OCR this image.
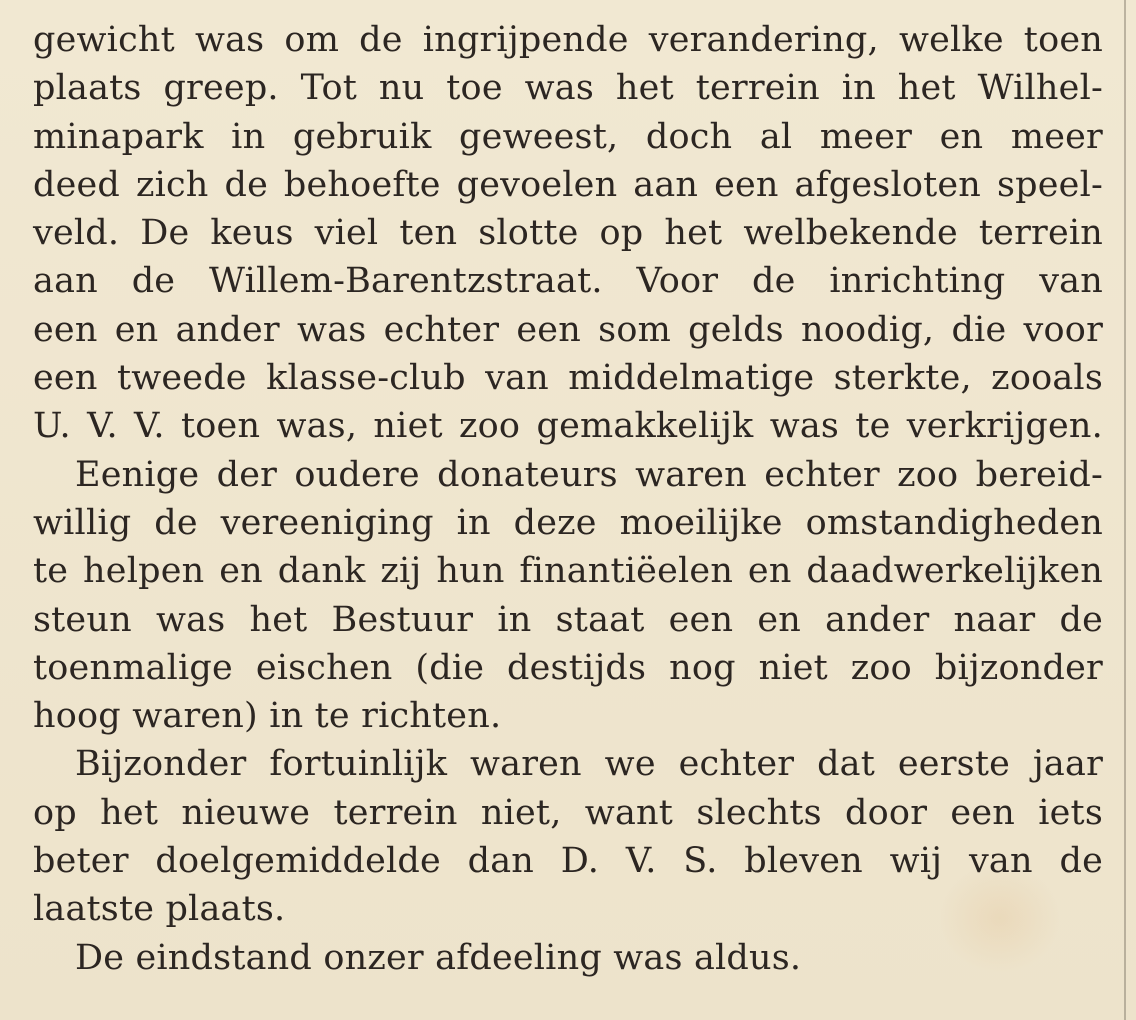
gewicht was om de ingrijpende verandering, welke toen
plaats greep. Tot nu toe was het terrein in het Wilhel-
minapark in gebruik geweest, doch al meer en meer
deed zich de behoefte gevoelen aan een afgesloten speel-
veld. De keus viel ten slotte op het welbekende terrein
aan de Willem-Barentzstraat. Voor de inrichting van
een en ander was echter een som gelds noodig, die voor
een tweede klasse-club van middelmatige sterkte, zooals
U. V. V. toen was, niet zoo gemakkelijk was te verkrijgen.
Eenige der oudere donateurs waren echter zoo bereid-
willig de vereeniging in deze moeilijke omstandigheden
te helpen en dank zij hun finantiëelen en daadwerkelijken
steun was het Bestuur in staat een en ander naar de
toenmalige eischen (die destijds nog niet zoo bijzonder
hoog waren) in te richten.
Bijzonder fortuinlijk waren we echter dat eerste jaar
op het nieuwe terrein niet, want slechts door een iets
beter doelgemiddelde dan D. V. S. bleven wij van de
laatste plaats.
De eindstand onzer afdeeling was aldus.
